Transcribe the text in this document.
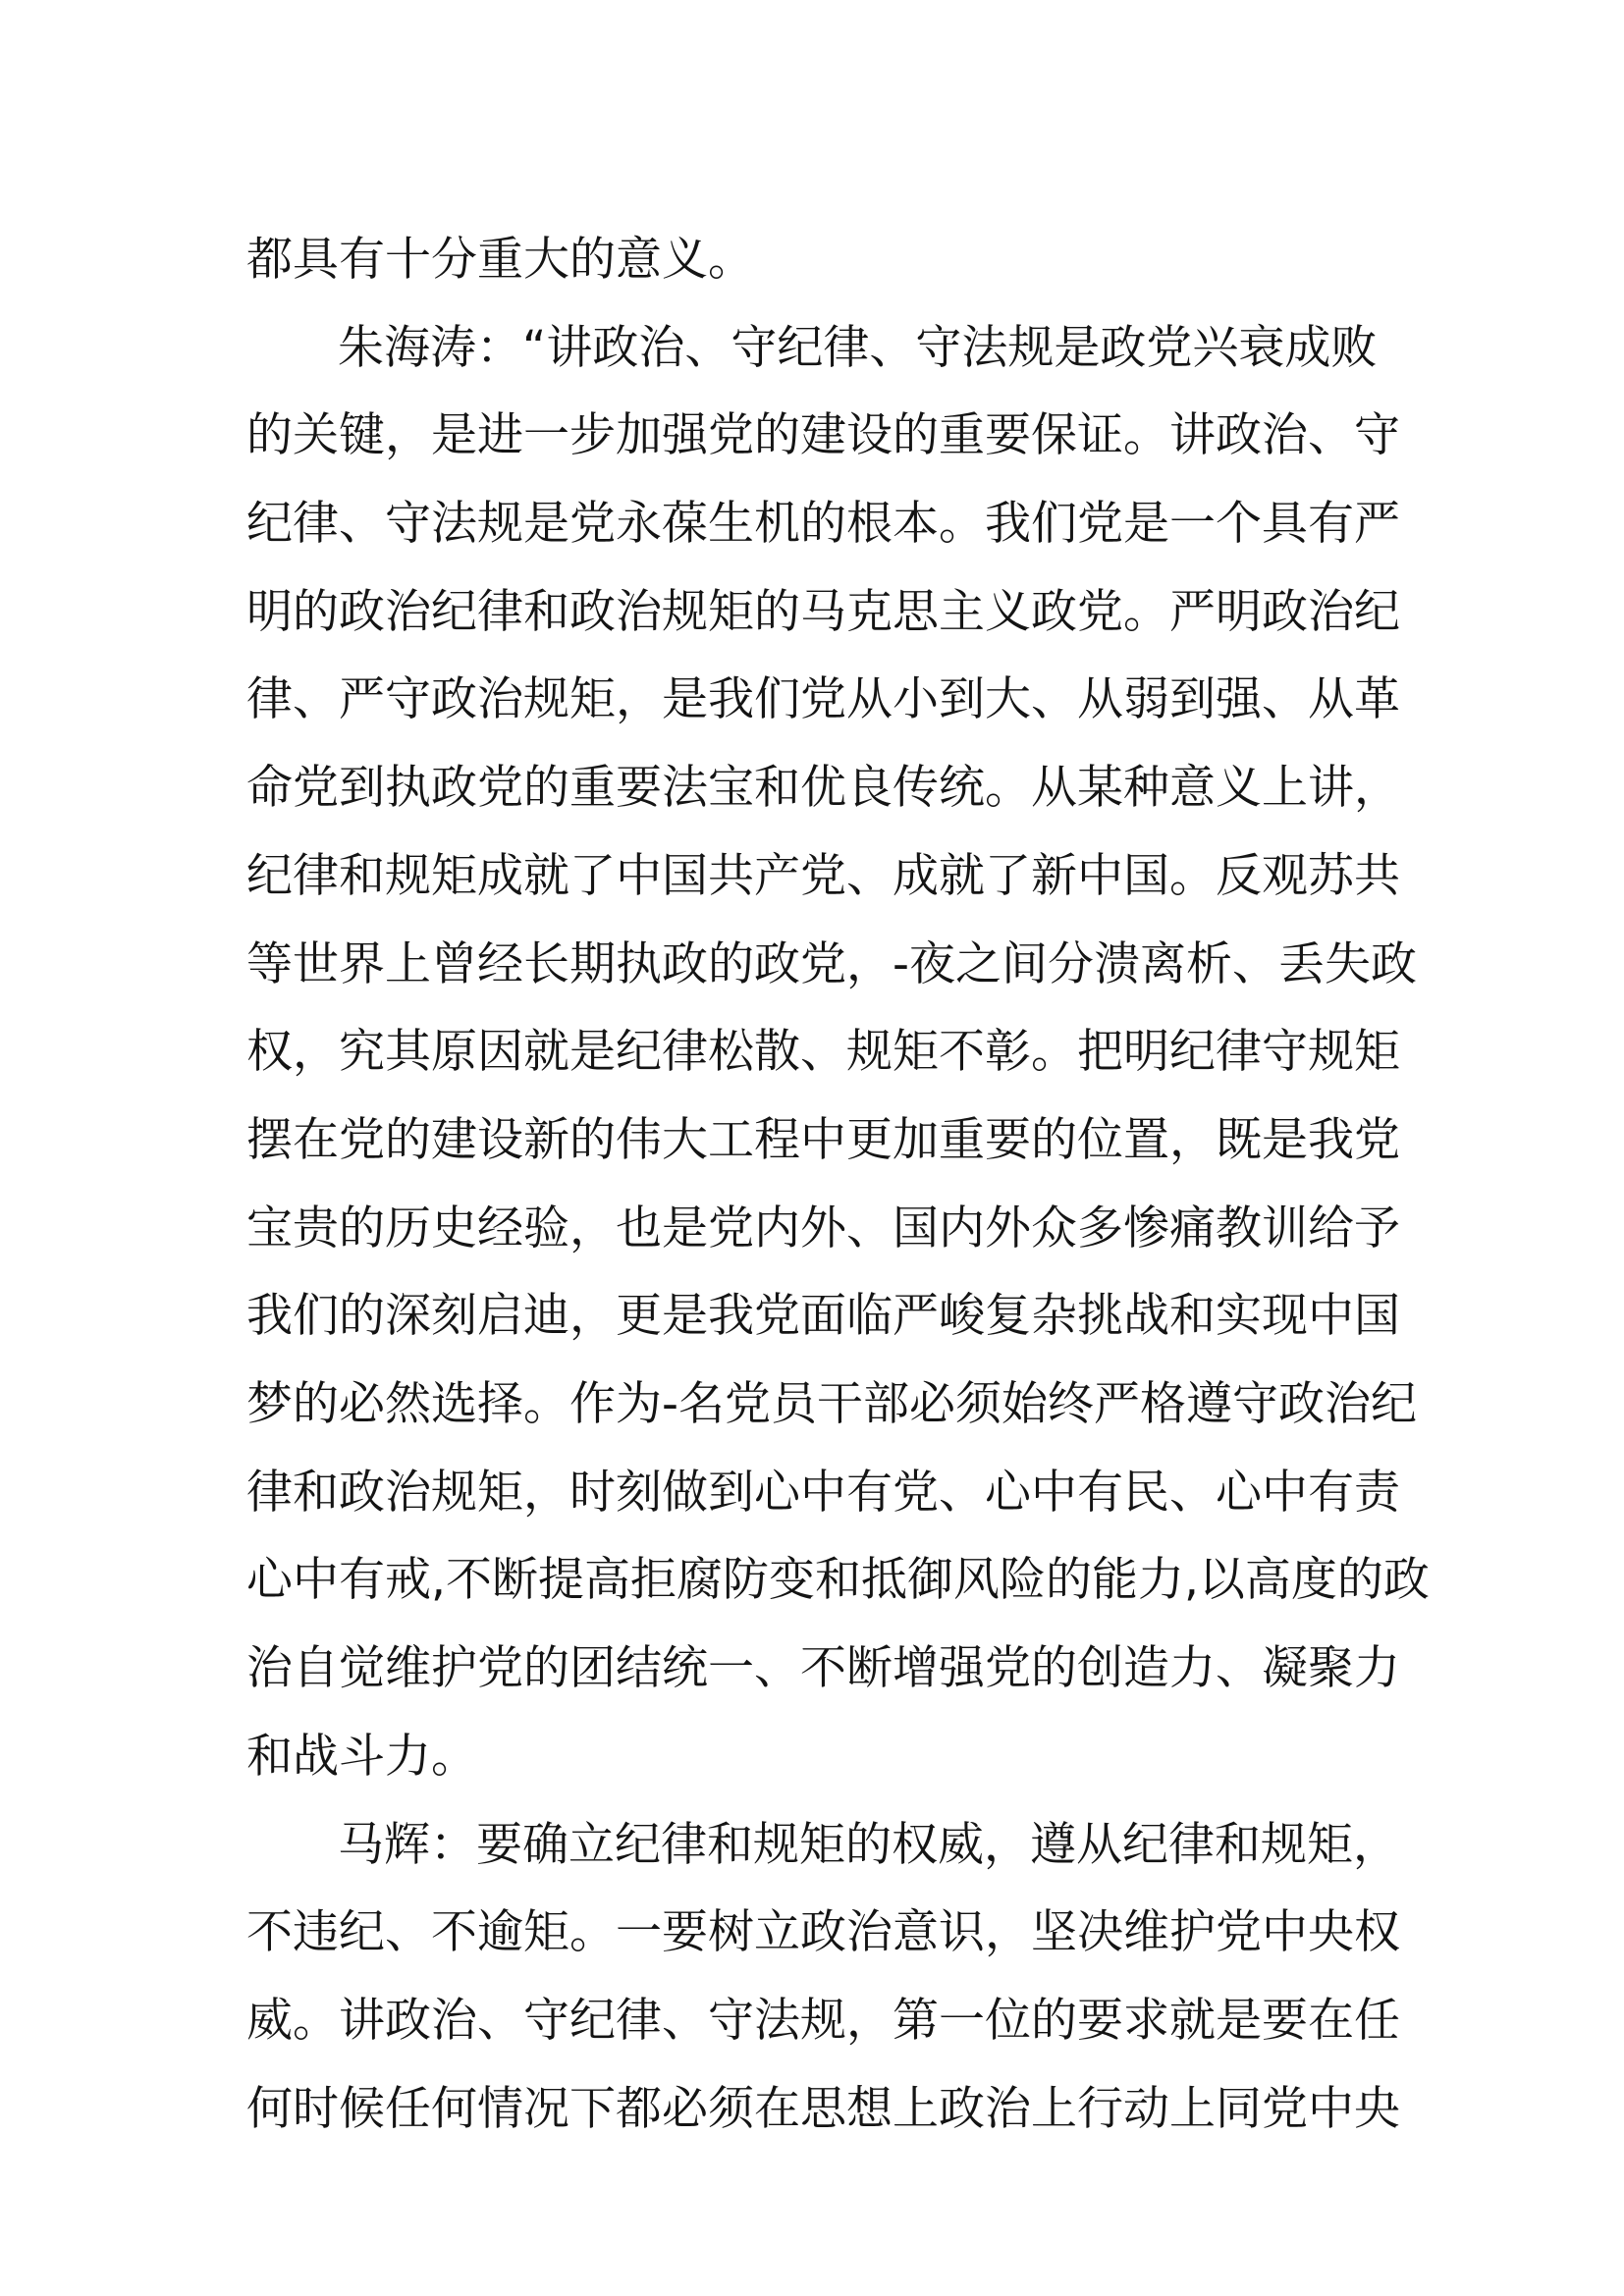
都具有十分重大的意义。
朱海涛：“讲政治、守纪律、守法规是政党兴衰成败
的关键，是进一步加强党的建设的重要保证。讲政治、守
纪律、守法规是党永葆生机的根本。我们党是一个具有严
明的政治纪律和政治规矩的马克思主义政党。严明政治纪
律、严守政治规矩，是我们党从小到大、从弱到强、从革
命党到执政党的重要法宝和优良传统。从某种意义上讲，
纪律和规矩成就了中国共产党、成就了新中国。反观苏共
等世界上曾经长期执政的政党，-夜之间分溃离析、丢失政
权，究其原因就是纪律松散、规矩不彰。把明纪律守规矩
摆在党的建设新的伟大工程中更加重要的位置，既是我党
宝贵的历史经验，也是党内外、国内外众多惨痛教训给予
我们的深刻启迪，更是我党面临严峻复杂挑战和实现中国
梦的必然选择。作为-名党员干部必须始终严格遵守政治纪
律和政治规矩，时刻做到心中有党、心中有民、心中有责
心中有戒,不断提高拒腐防变和抵御风险的能力,以高度的政
治自觉维护党的团结统一、不断增强党的创造力、凝聚力
和战斗力。
马辉：要确立纪律和规矩的权威，遵从纪律和规矩，
不违纪、不逾矩。一要树立政治意识，坚决维护党中央权
威。讲政治、守纪律、守法规，第一位的要求就是要在任
何时候任何情况下都必须在思想上政治上行动上同党中央
